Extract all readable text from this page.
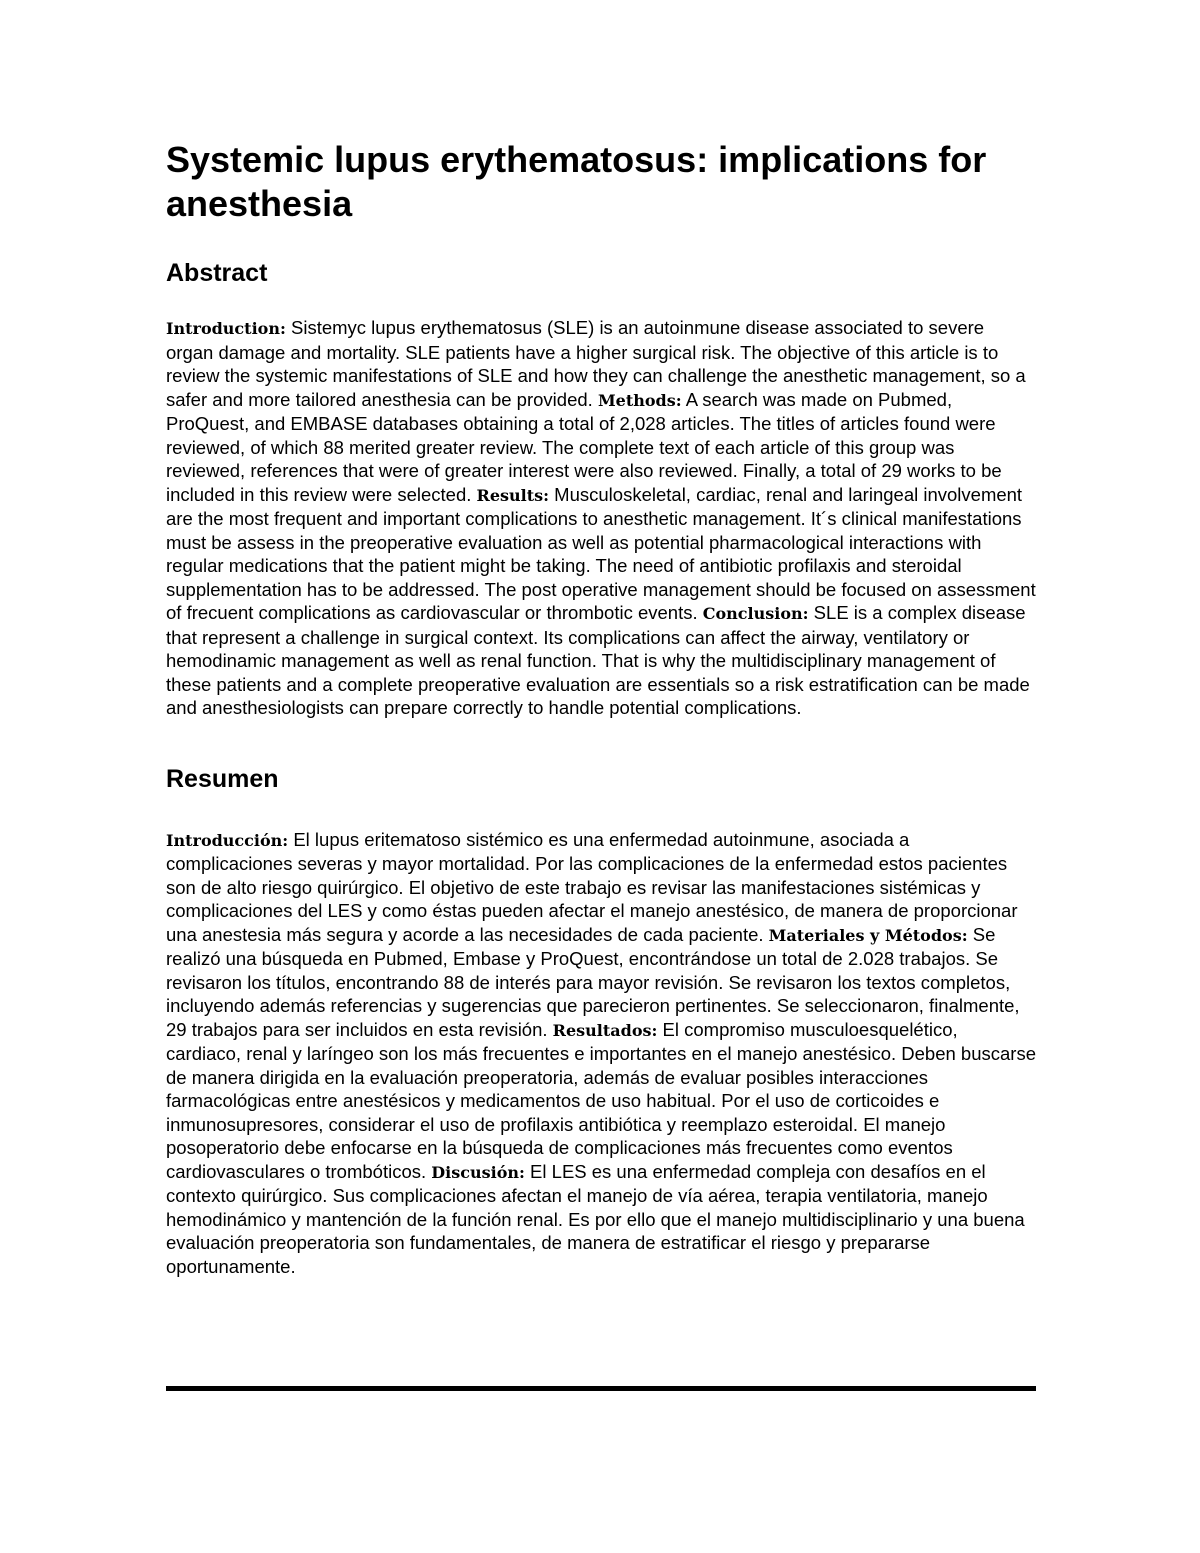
Systemic lupus erythematosus: implications for anesthesia
Abstract

Introduction: Sistemyc lupus erythematosus (SLE) is an autoinmune disease associated to severe organ damage and mortality. SLE patients have a higher surgical risk. The objective of this article is to review the systemic manifestations of SLE and how they can challenge the anesthetic management, so a safer and more tailored anesthesia can be provided. Methods: A search was made on Pubmed, ProQuest, and EMBASE databases obtaining a total of 2,028 articles. The titles of articles found were reviewed, of which 88 merited greater review. The complete text of each article of this group was reviewed, references that were of greater interest were also reviewed. Finally, a total of 29 works to be included in this review were selected. Results: Musculoskeletal, cardiac, renal and laringeal involvement are the most frequent and important complications to anesthetic management. It´s clinical manifestations must be assess in the preoperative evaluation as well as potential pharmacological interactions with regular medications that the patient might be taking. The need of antibiotic profilaxis and steroidal supplementation has to be addressed. The post operative management should be focused on assessment of frecuent complications as cardiovascular or thrombotic events. Conclusion: SLE is a complex disease that represent a challenge in surgical context. Its complications can affect the airway, ventilatory or hemodinamic management as well as renal function. That is why the multidisciplinary management of these patients and a complete preoperative evaluation are essentials so a risk estratification can be made and anesthesiologists can prepare correctly to handle potential complications.

Resumen

Introducción: El lupus eritematoso sistémico es una enfermedad autoinmune, asociada a complicaciones severas y mayor mortalidad. Por las complicaciones de la enfermedad estos pacientes son de alto riesgo quirúrgico. El objetivo de este trabajo es revisar las manifestaciones sistémicas y complicaciones del LES y como éstas pueden afectar el manejo anestésico, de manera de proporcionar una anestesia más segura y acorde a las necesidades de cada paciente. Materiales y Métodos: Se realizó una búsqueda en Pubmed, Embase y ProQuest, encontrándose un total de 2.028 trabajos. Se revisaron los títulos, encontrando 88 de interés para mayor revisión. Se revisaron los textos completos, incluyendo además referencias y sugerencias que parecieron pertinentes. Se seleccionaron, finalmente, 29 trabajos para ser incluidos en esta revisión. Resultados: El compromiso musculoesquelético, cardiaco, renal y laríngeo son los más frecuentes e importantes en el manejo anestésico. Deben buscarse de manera dirigida en la evaluación preoperatoria, además de evaluar posibles interacciones farmacológicas entre anestésicos y medicamentos de uso habitual. Por el uso de corticoides e inmunosupresores, considerar el uso de profilaxis antibiótica y reemplazo esteroidal. El manejo posoperatorio debe enfocarse en la búsqueda de complicaciones más frecuentes como eventos cardiovasculares o trombóticos. Discusión: El LES es una enfermedad compleja con desafíos en el contexto quirúrgico. Sus complicaciones afectan el manejo de vía aérea, terapia ventilatoria, manejo hemodinámico y mantención de la función renal. Es por ello que el manejo multidisciplinario y una buena evaluación preoperatoria son fundamentales, de manera de estratificar el riesgo y prepararse oportunamente.
